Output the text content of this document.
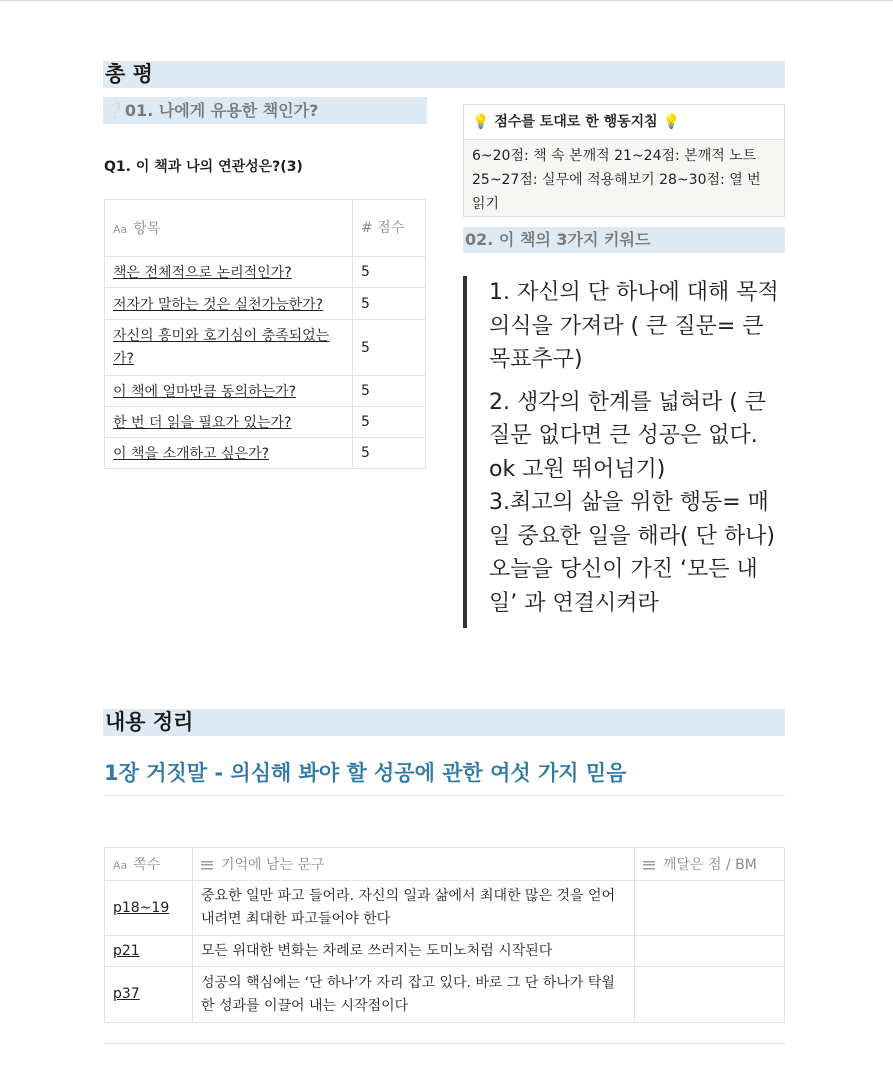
총 평
❔01. 나에게 유용한 책인가?
Q1. 이 책과 나의 연관성은?(3)
Aa 항목	# 점수
책은 전체적으로 논리적인가?	5
저자가 말하는 것은 실천가능한가?	5
자신의 흥미와 호기심이 충족되었는가?	5
이 책에 얼마만큼 동의하는가?	5
한 번 더 읽을 필요가 있는가?	5
이 책을 소개하고 싶은가?	5
💡 점수를 토대로 한 행동지침 💡
6~20점: 책 속 본깨적 21~24점: 본깨적 노트 25~27점: 실무에 적용해보기 28~30점: 열 번 읽기
02. 이 책의 3가지 키워드

1. 자신의 단 하나에 대해 목적 의식을 가져라 ( 큰 질문= 큰 목표추구)

2. 생각의 한계를 넓혀라 ( 큰 질문 없다면 큰 성공은 없다. ok 고원 뛰어넘기)

3.최고의 삶을 위한 행동= 매일 중요한 일을 해라( 단 하나) 오늘을 당신이 가진 ‘모든 내일’ 과 연결시켜라

내용 정리
1장 거짓말 - 의심해 봐야 할 성공에 관한 여섯 가지 믿음
Aa 쪽수	기억에 남는 문구	깨달은 점 / BM
p18~19	중요한 일만 파고 들어라. 자신의 일과 삶에서 최대한 많은 것을 얻어 내려면 최대한 파고들어야 한다	
p21	모든 위대한 변화는 차례로 쓰러지는 도미노처럼 시작된다	
p37	성공의 핵심에는 ‘단 하나’가 자리 잡고 있다. 바로 그 단 하나가 탁월한 성과를 이끌어 내는 시작점이다	
